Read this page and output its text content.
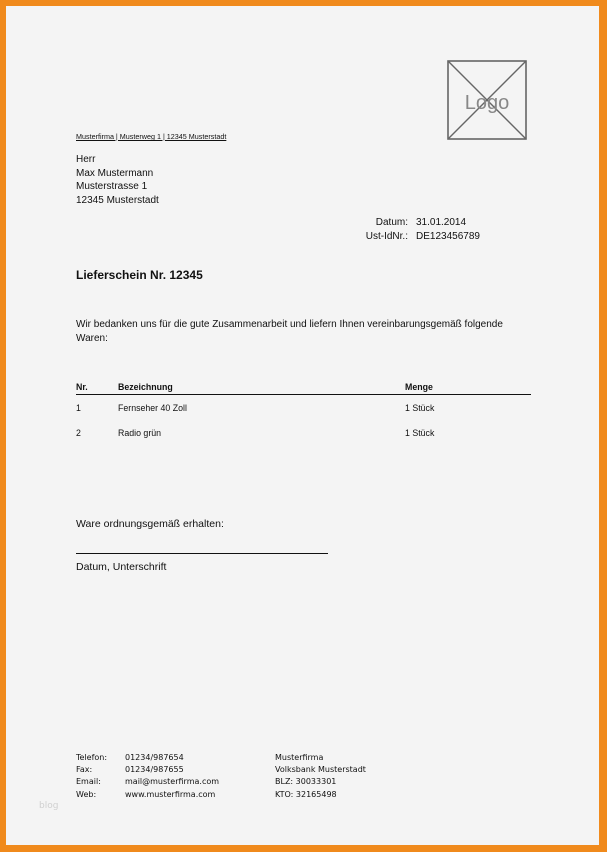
Logo
Musterfirma | Musterweg 1 | 12345 Musterstadt
Herr
Max Mustermann
Musterstrasse 1
12345 Musterstadt
Datum: 31.01.2014
Ust-IdNr.: DE123456789
Lieferschein Nr. 12345
Wir bedanken uns für die gute Zusammenarbeit und liefern Ihnen vereinbarungsgemäß folgende Waren:
Nr.	Bezeichnung	Menge
1	Fernseher 40 Zoll	1 Stück
2	Radio grün	1 Stück
Ware ordnungsgemäß erhalten:
Datum, Unterschrift
Telefon:	01234/987654
Fax:	01234/987655
Email:	mail@musterfirma.com
Web:	www.musterfirma.com
Musterfirma
Volksbank Musterstadt
BLZ: 30033301
KTO: 32165498
blog
